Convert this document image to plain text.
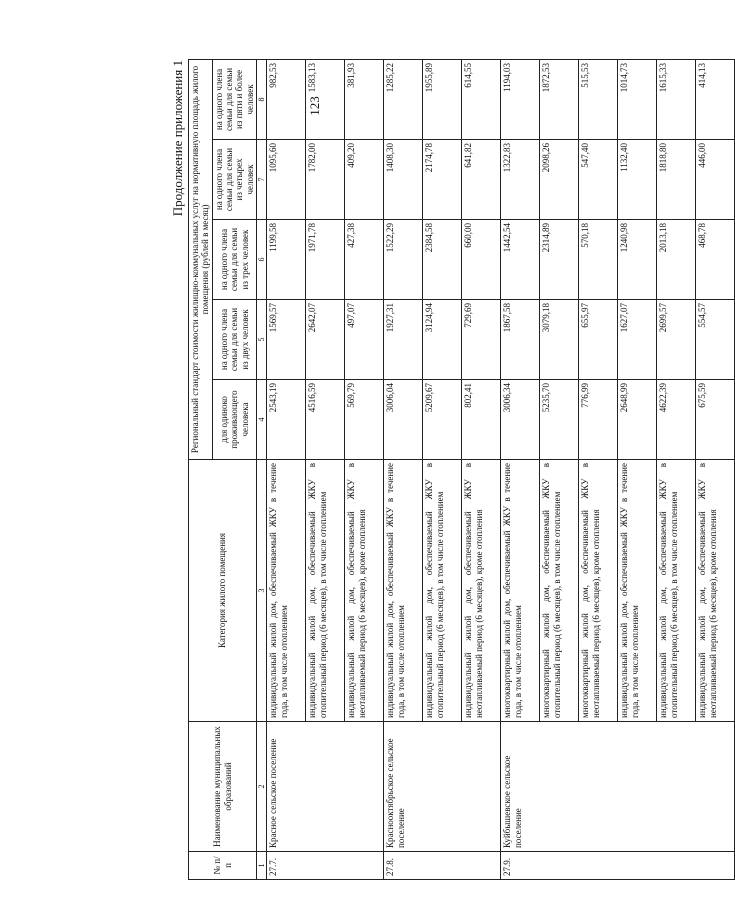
123
Продолжение приложения 1
№ п/п	Наименование муниципальных образований	Категория жилого помещения	Региональный стандарт стоимости жилищно-коммунальных услуг на нормативную площадь жилого помещения (рублей в месяц)				
			для одиноко проживающего человека	на одного члена семьи для семьи из двух человек	на одного члена семьи для семьи из трех человек	на одного члена семьи для семьи из четырех человек	на одного члена семьи для семьи из пяти и более человек
1	2	3	4	5	6	7	8
27.7.	Красное сельское поселение	индивидуальный жилой дом, обеспечиваемый ЖКУ в течение года, в том числе отоплением	2543,19	1569,57	1199,58	1095,60	982,53
		индивидуальный жилой дом, обеспечиваемый ЖКУ в отопительный период (6 месяцев), в том числе отоплением	4516,59	2642,07	1971,78	1782,00	1583,13
		индивидуальный жилой дом, обеспечиваемый ЖКУ в неотапливаемый период (6 месяцев), кроме отопления	569,79	497,07	427,38	409,20	381,93
27.8.	Краснооктябрьское сельское поселение	индивидуальный жилой дом, обеспечиваемый ЖКУ в течение года, в том числе отоплением	3006,04	1927,31	1522,29	1408,30	1285,22
		индивидуальный жилой дом, обеспечиваемый ЖКУ в отопительный период (6 месяцев), в том числе отоплением	5209,67	3124,94	2384,58	2174,78	1955,89
		индивидуальный жилой дом, обеспечиваемый ЖКУ в неотапливаемый период (6 месяцев), кроме отопления	802,41	729,69	660,00	641,82	614,55
27.9.	Куйбышевское сельское поселение	многоквартирный жилой дом, обеспечиваемый ЖКУ в течение года, в том числе отоплением	3006,34	1867,58	1442,54	1322,83	1194,03
		многоквартирный жилой дом, обеспечиваемый ЖКУ в отопительный период (6 месяцев), в том числе отоплением	5235,70	3079,18	2314,89	2098,26	1872,53
		многоквартирный жилой дом, обеспечиваемый ЖКУ в неотапливаемый период (6 месяцев), кроме отопления	776,99	655,97	570,18	547,40	515,53
		индивидуальный жилой дом, обеспечиваемый ЖКУ в течение года, в том числе отоплением	2648,99	1627,07	1240,98	1132,40	1014,73
		индивидуальный жилой дом, обеспечиваемый ЖКУ в отопительный период (6 месяцев), в том числе отоплением	4622,39	2699,57	2013,18	1818,80	1615,33
		индивидуальный жилой дом, обеспечиваемый ЖКУ в неотапливаемый период (6 месяцев), кроме отопления	675,59	554,57	468,78	446,00	414,13
